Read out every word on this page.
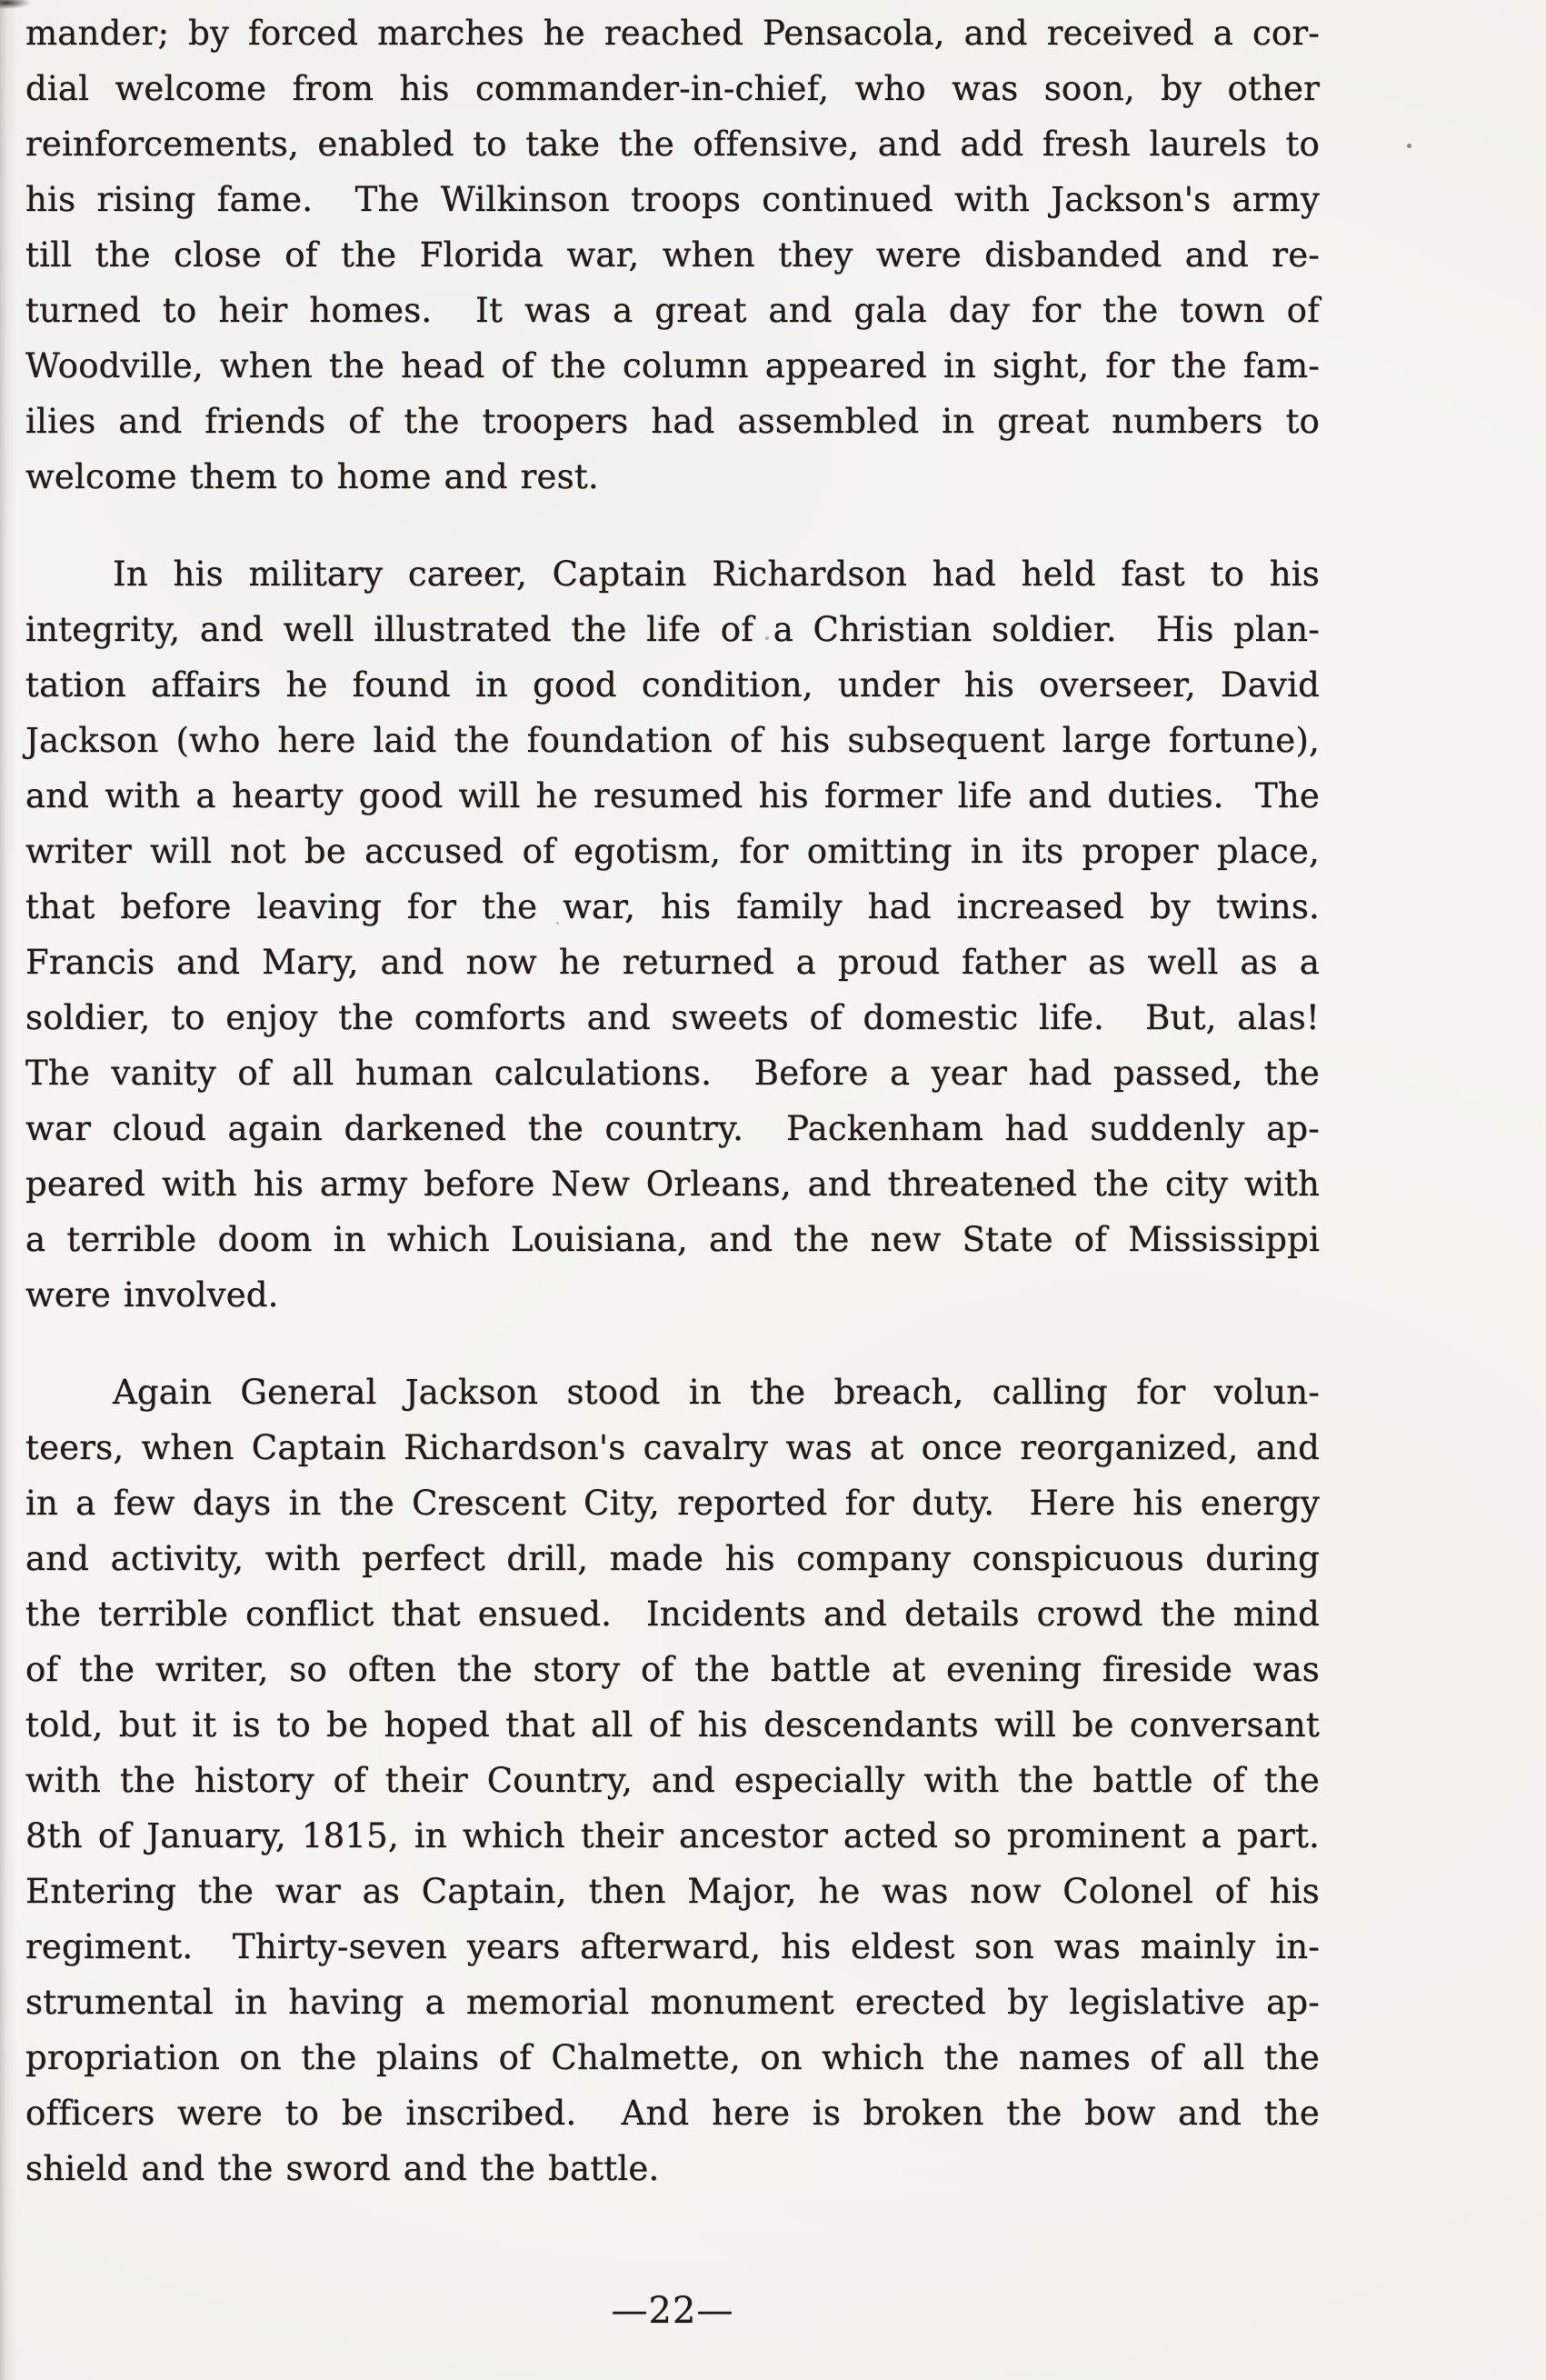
mander; by forced marches he reached Pensacola, and received a cor-
dial welcome from his commander-in-chief, who was soon, by other
reinforcements, enabled to take the offensive, and add fresh laurels to
his rising fame.  The Wilkinson troops continued with Jackson's army
till the close of the Florida war, when they were disbanded and re-
turned to heir homes.  It was a great and gala day for the town of
Woodville, when the head of the column appeared in sight, for the fam-
ilies and friends of the troopers had assembled in great numbers to
welcome them to home and rest.
In his military career, Captain Richardson had held fast to his
integrity, and well illustrated the life of a Christian soldier.  His plan-
tation affairs he found in good condition, under his overseer, David
Jackson (who here laid the foundation of his subsequent large fortune),
and with a hearty good will he resumed his former life and duties.  The
writer will not be accused of egotism, for omitting in its proper place,
that before leaving for the war, his family had increased by twins.
Francis and Mary, and now he returned a proud father as well as a
soldier, to enjoy the comforts and sweets of domestic life.  But, alas!
The vanity of all human calculations.  Before a year had passed, the
war cloud again darkened the country.  Packenham had suddenly ap-
peared with his army before New Orleans, and threatened the city with
a terrible doom in which Louisiana, and the new State of Mississippi
were involved.
Again General Jackson stood in the breach, calling for volun-
teers, when Captain Richardson's cavalry was at once reorganized, and
in a few days in the Crescent City, reported for duty.  Here his energy
and activity, with perfect drill, made his company conspicuous during
the terrible conflict that ensued.  Incidents and details crowd the mind
of the writer, so often the story of the battle at evening fireside was
told, but it is to be hoped that all of his descendants will be conversant
with the history of their Country, and especially with the battle of the
8th of January, 1815, in which their ancestor acted so prominent a part.
Entering the war as Captain, then Major, he was now Colonel of his
regiment.  Thirty-seven years afterward, his eldest son was mainly in-
strumental in having a memorial monument erected by legislative ap-
propriation on the plains of Chalmette, on which the names of all the
officers were to be inscribed.  And here is broken the bow and the
shield and the sword and the battle.
—22—
